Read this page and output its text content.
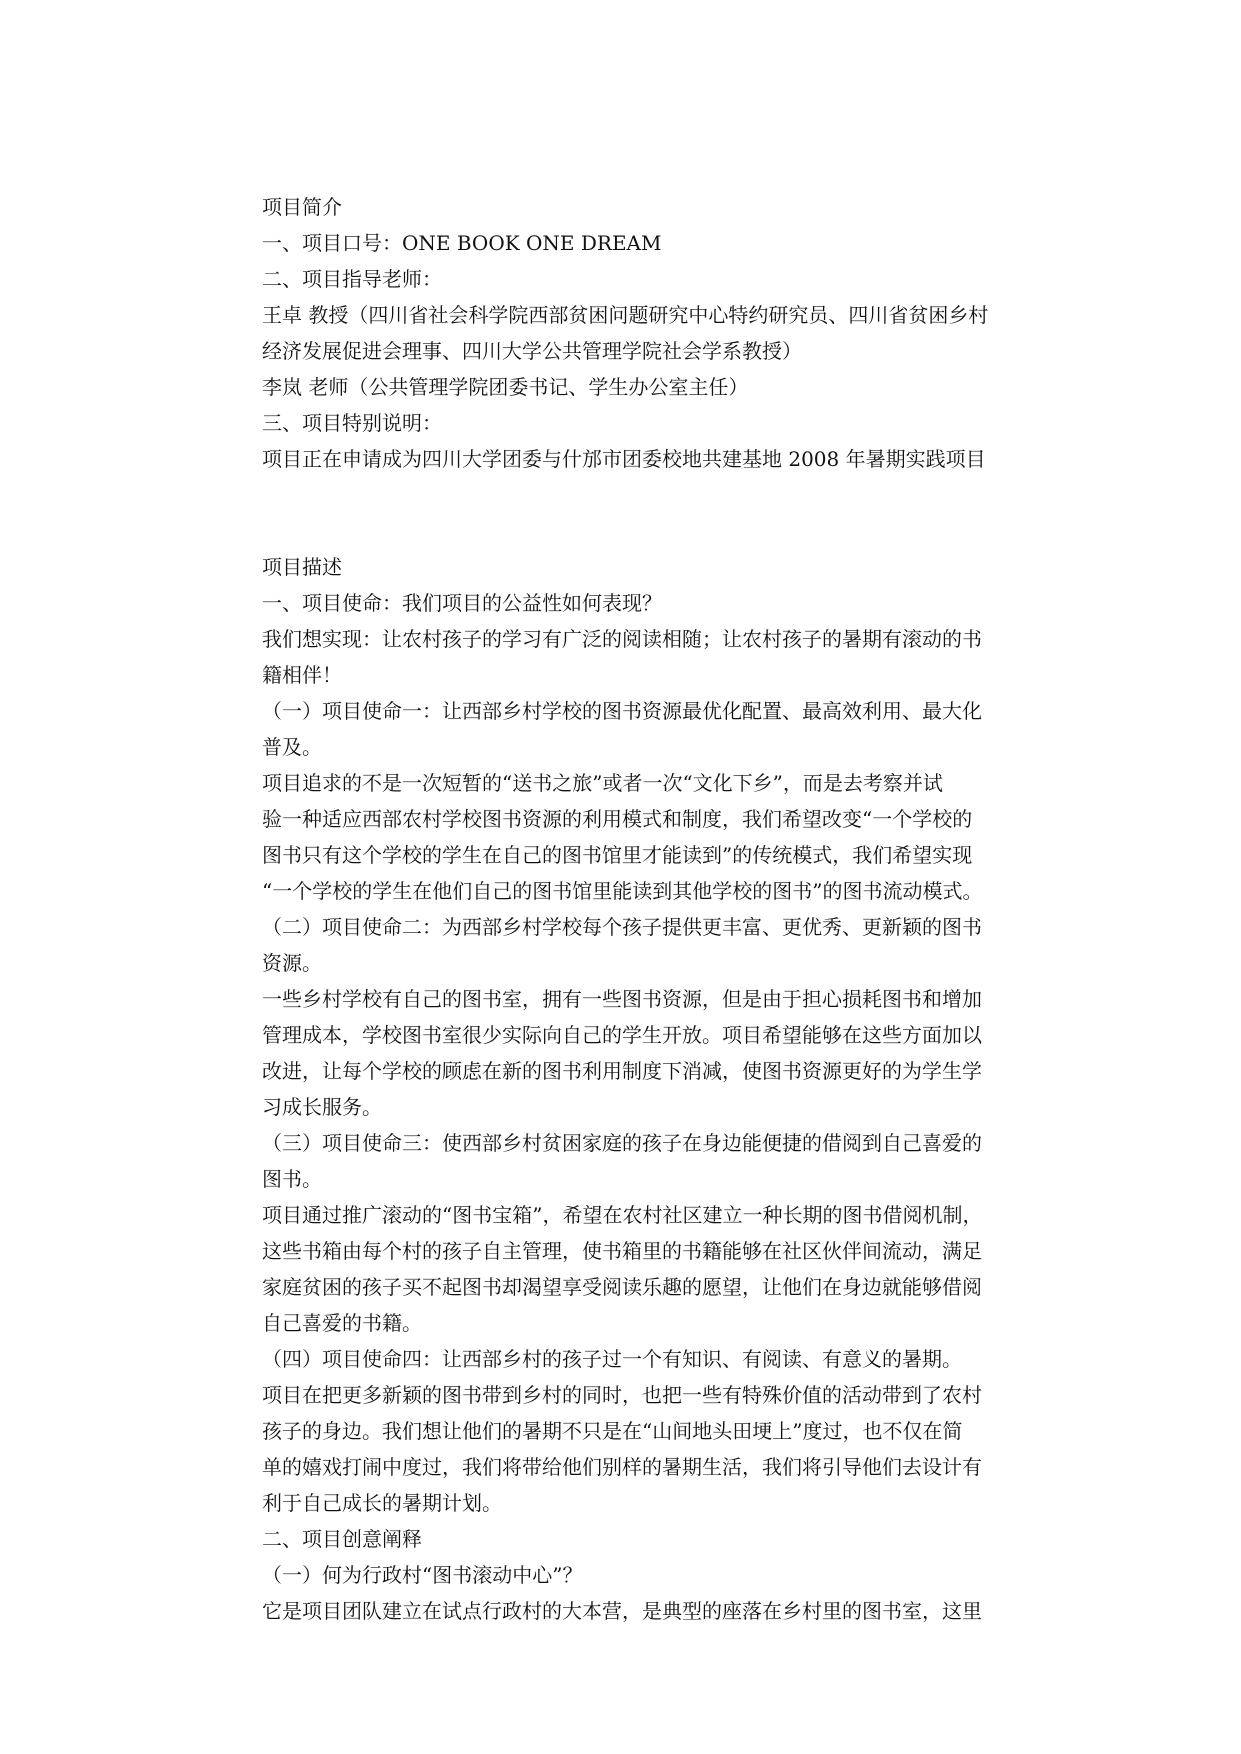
项目简介
一、项目口号：ONE BOOK ONE DREAM
二、项目指导老师：
王卓 教授（四川省社会科学院西部贫困问题研究中心特约研究员、四川省贫困乡村
经济发展促进会理事、四川大学公共管理学院社会学系教授）
李岚 老师（公共管理学院团委书记、学生办公室主任）
三、项目特别说明：
项目正在申请成为四川大学团委与什邡市团委校地共建基地 2008 年暑期实践项目
项目描述
一、项目使命：我们项目的公益性如何表现？
我们想实现：让农村孩子的学习有广泛的阅读相随；让农村孩子的暑期有滚动的书
籍相伴！
（一）项目使命一：让西部乡村学校的图书资源最优化配置、最高效利用、最大化
普及。
项目追求的不是一次短暂的“送书之旅”或者一次“文化下乡”，而是去考察并试
验一种适应西部农村学校图书资源的利用模式和制度，我们希望改变“一个学校的
图书只有这个学校的学生在自己的图书馆里才能读到”的传统模式，我们希望实现
“一个学校的学生在他们自己的图书馆里能读到其他学校的图书”的图书流动模式。
（二）项目使命二：为西部乡村学校每个孩子提供更丰富、更优秀、更新颖的图书
资源。
一些乡村学校有自己的图书室，拥有一些图书资源，但是由于担心损耗图书和增加
管理成本，学校图书室很少实际向自己的学生开放。项目希望能够在这些方面加以
改进，让每个学校的顾虑在新的图书利用制度下消减，使图书资源更好的为学生学
习成长服务。
（三）项目使命三：使西部乡村贫困家庭的孩子在身边能便捷的借阅到自己喜爱的
图书。
项目通过推广滚动的“图书宝箱”，希望在农村社区建立一种长期的图书借阅机制，
这些书箱由每个村的孩子自主管理，使书箱里的书籍能够在社区伙伴间流动，满足
家庭贫困的孩子买不起图书却渴望享受阅读乐趣的愿望，让他们在身边就能够借阅
自己喜爱的书籍。
（四）项目使命四：让西部乡村的孩子过一个有知识、有阅读、有意义的暑期。
项目在把更多新颖的图书带到乡村的同时，也把一些有特殊价值的活动带到了农村
孩子的身边。我们想让他们的暑期不只是在“山间地头田埂上”度过，也不仅在简
单的嬉戏打闹中度过，我们将带给他们别样的暑期生活，我们将引导他们去设计有
利于自己成长的暑期计划。
二、项目创意阐释
（一）何为行政村“图书滚动中心”？
它是项目团队建立在试点行政村的大本营，是典型的座落在乡村里的图书室，这里
